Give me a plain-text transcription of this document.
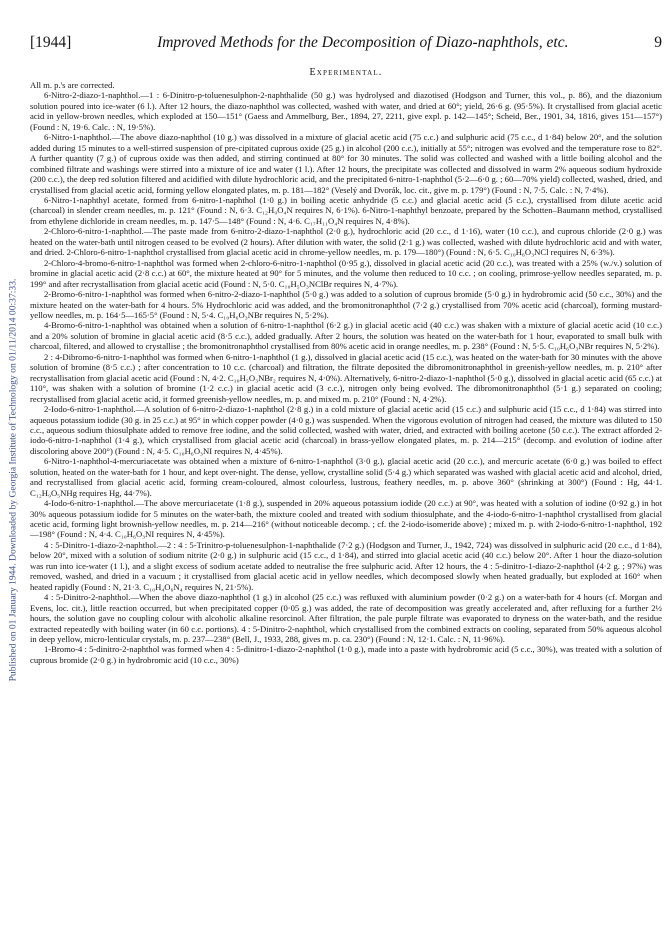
Published on 01 January 1944. Downloaded by Georgia Institute of Technology on 01/11/2014 00:37:33.
[1944]	Improved Methods for the Decomposition of Diazo-naphthols, etc.	9
Experimental.

All m. p.'s are corrected.

6-Nitro-2-diazo-1-naphthol.—1 : 6-Dinitro-p-toluenesulphon-2-naphthalide (50 g.) was hydrolysed and diazotised (Hodgson and Turner, this vol., p. 86), and the diazonium solution poured into ice-water (6 l.). After 12 hours, the diazo-naphthol was collected, washed with water, and dried at 60°; yield, 26·6 g. (95·5%). It crystallised from glacial acetic acid in yellow-brown needles, which exploded at 150—151° (Gaess and Ammelburg, Ber., 1894, 27, 2211, give expl. p. 142—145°; Scheid, Ber., 1901, 34, 1816, gives 151—157°) (Found : N, 19·6. Calc. : N, 19·5%).

6-Nitro-1-naphthol.—The above diazo-naphthol (10 g.) was dissolved in a mixture of glacial acetic acid (75 c.c.) and sulphuric acid (75 c.c., d 1·84) below 20°, and the solution added during 15 minutes to a well-stirred suspension of pre-cipitated cuprous oxide (25 g.) in alcohol (200 c.c.), initially at 55°; nitrogen was evolved and the temperature rose to 82°. A further quantity (7 g.) of cuprous oxide was then added, and stirring continued at 80° for 30 minutes. The solid was collected and washed with a little boiling alcohol and the combined filtrate and washings were stirred into a mixture of ice and water (1 l.). After 12 hours, the precipitate was collected and dissolved in warm 2% aqueous sodium hydroxide (200 c.c.), the deep red solution filtered and acidified with dilute hydrochloric acid, and the precipitated 6-nitro-1-naphthol (5·2—6·0 g. ; 60—70% yield) collected, washed, dried, and crystallised from glacial acetic acid, forming yellow elongated plates, m. p. 181—182° (Veselý and Dvorák, loc. cit., give m. p. 179°) (Found : N, 7·5. Calc. : N, 7·4%).

6-Nitro-1-naphthyl acetate, formed from 6-nitro-1-naphthol (1·0 g.) in boiling acetic anhydride (5 c.c.) and glacial acetic acid (5 c.c.), crystallised from dilute acetic acid (charcoal) in slender cream needles, m. p. 121° (Found : N, 6·3. C₁₂H₉O₄N requires N, 6·1%). 6-Nitro-1-naphthyl benzoate, prepared by the Schotten–Baumann method, crystallised from ethylene dichloride in cream needles, m. p. 147·5—148° (Found : N, 4·6. C₁₇H₁₁O₄N requires N, 4·8%).

2-Chloro-6-nitro-1-naphthol.—The paste made from 6-nitro-2-diazo-1-naphthol (2·0 g.), hydrochloric acid (20 c.c., d 1·16), water (10 c.c.), and cuprous chloride (2·0 g.) was heated on the water-bath until nitrogen ceased to be evolved (2 hours). After dilution with water, the solid (2·1 g.) was collected, washed with dilute hydrochloric acid and with water, and dried. 2-Chloro-6-nitro-1-naphthol crystallised from glacial acetic acid in chrome-yellow needles, m. p. 179—180°) (Found : N, 6·5. C₁₀H₆O₃NCl requires N, 6·3%).

2-Chloro-4-bromo-6-nitro-1-naphthol was formed when 2-chloro-6-nitro-1-naphthol (0·95 g.), dissolved in glacial acetic acid (20 c.c.), was treated with a 25% (w./v.) solution of bromine in glacial acetic acid (2·8 c.c.) at 60°, the mixture heated at 90° for 5 minutes, and the volume then reduced to 10 c.c. ; on cooling, primrose-yellow needles separated, m. p. 199° and after recrystallisation from glacial acetic acid (Found : N, 5·0. C₁₀H₅O₃NClBr requires N, 4·7%).

2-Bromo-6-nitro-1-naphthol was formed when 6-nitro-2-diazo-1-naphthol (5·0 g.) was added to a solution of cuprous bromide (5·0 g.) in hydrobromic acid (50 c.c., 30%) and the mixture heated on the water-bath for 4 hours. 5% Hydrochloric acid was added, and the bromonitronaphthol (7·2 g.) crystallised from 70% acetic acid (charcoal), forming mustard-yellow needles, m. p. 164·5—165·5° (Found : N, 5·4. C₁₀H₆O₃NBr requires N, 5·2%).

4-Bromo-6-nitro-1-naphthol was obtained when a solution of 6-nitro-1-naphthol (6·2 g.) in glacial acetic acid (40 c.c.) was shaken with a mixture of glacial acetic acid (10 c.c.) and a 20% solution of bromine in glacial acetic acid (8·5 c.c.), added gradually. After 2 hours, the solution was heated on the water-bath for 1 hour, evaporated to small bulk with charcoal, filtered, and allowed to crystallise ; the bromonitronaphthol crystallised from 80% acetic acid in orange needles, m. p. 238° (Found : N, 5·5. C₁₀H₆O₃NBr requires N, 5·2%).

2 : 4-Dibromo-6-nitro-1-naphthol was formed when 6-nitro-1-naphthol (1 g.), dissolved in glacial acetic acid (15 c.c.), was heated on the water-bath for 30 minutes with the above solution of bromine (8·5 c.c.) ; after concentration to 10 c.c. (charcoal) and filtration, the filtrate deposited the dibromonitronaphthol in greenish-yellow needles, m. p. 210° after recrystallisation from glacial acetic acid (Found : N, 4·2. C₁₀H₅O₃NBr₂ requires N, 4·0%). Alternatively, 6-nitro-2-diazo-1-naphthol (5·0 g.), dissolved in glacial acetic acid (65 c.c.) at 110°, was shaken with a solution of bromine (1·2 c.c.) in glacial acetic acid (3 c.c.), nitrogen only being evolved. The dibromonitronaphthol (5·1 g.) separated on cooling; recrystallised from glacial acetic acid, it formed greenish-yellow needles, m. p. and mixed m. p. 210° (Found : N, 4·2%).

2-Iodo-6-nitro-1-naphthol.—A solution of 6-nitro-2-diazo-1-naphthol (2·8 g.) in a cold mixture of glacial acetic acid (15 c.c.) and sulphuric acid (15 c.c., d 1·84) was stirred into aqueous potassium iodide (30 g. in 25 c.c.) at 95° in which copper powder (4·0 g.) was suspended. When the vigorous evolution of nitrogen had ceased, the mixture was diluted to 150 c.c., aqueous sodium thiosulphate added to remove free iodine, and the solid collected, washed with water, dried, and extracted with boiling acetone (50 c.c.). The extract afforded 2-iodo-6-nitro-1-naphthol (1·4 g.), which crystallised from glacial acetic acid (charcoal) in brass-yellow elongated plates, m. p. 214—215° (decomp. and evolution of iodine after discoloring above 200°) (Found : N, 4·5. C₁₀H₆O₃NI requires N, 4·45%).

6-Nitro-1-naphthol-4-mercuriacetate was obtained when a mixture of 6-nitro-1-naphthol (3·0 g.), glacial acetic acid (20 c.c.), and mercuric acetate (6·0 g.) was boiled to effect solution, heated on the water-bath for 1 hour, and kept over-night. The dense, yellow, crystalline solid (5·4 g.) which separated was washed with glacial acetic acid and alcohol, dried, and recrystallised from glacial acetic acid, forming cream-coloured, almost colourless, lustrous, feathery needles, m. p. above 360° (shrinking at 300°) (Found : Hg, 44·1. C₁₂H₉O₅NHg requires Hg, 44·7%).

4-Iodo-6-nitro-1-naphthol.—The above mercuriacetate (1·8 g.), suspended in 20% aqueous potassium iodide (20 c.c.) at 90°, was heated with a solution of iodine (0·92 g.) in hot 30% aqueous potassium iodide for 5 minutes on the water-bath, the mixture cooled and treated with sodium thiosulphate, and the 4-iodo-6-nitro-1-naphthol crystallised from glacial acetic acid, forming light brownish-yellow needles, m. p. 214—216° (without noticeable decomp. ; cf. the 2-iodo-isomeride above) ; mixed m. p. with 2-iodo-6-nitro-1-naphthol, 192—198° (Found : N, 4·4. C₁₀H₆O₃NI requires N, 4·45%).

4 : 5-Dinitro-1-diazo-2-naphthol.—2 : 4 : 5-Trinitro-p-toluenesulphon-1-naphthalide (7·2 g.) (Hodgson and Turner, J., 1942, 724) was dissolved in sulphuric acid (20 c.c., d 1·84), below 20°, mixed with a solution of sodium nitrite (2·0 g.) in sulphuric acid (15 c.c., d 1·84), and stirred into glacial acetic acid (40 c.c.) below 20°. After 1 hour the diazo-solution was run into ice-water (1 l.), and a slight excess of sodium acetate added to neutralise the free sulphuric acid. After 12 hours, the 4 : 5-dinitro-1-diazo-2-naphthol (4·2 g. ; 97%) was removed, washed, and dried in a vacuum ; it crystallised from glacial acetic acid in yellow needles, which decomposed slowly when heated gradually, but exploded at 160° when heated rapidly (Found : N, 21·3. C₁₀H₄O₆N₄ requires N, 21·5%).

4 : 5-Dinitro-2-naphthol.—When the above diazo-naphthol (1 g.) in alcohol (25 c.c.) was refluxed with aluminium powder (0·2 g.) on a water-bath for 4 hours (cf. Morgan and Evens, loc. cit.), little reaction occurred, but when precipitated copper (0·05 g.) was added, the rate of decomposition was greatly accelerated and, after refluxing for a further 2½ hours, the solution gave no coupling colour with alcoholic alkaline resorcinol. After filtration, the pale purple filtrate was evaporated to dryness on the water-bath, and the residue extracted repeatedly with boiling water (in 60 c.c. portions). 4 : 5-Dinitro-2-naphthol, which crystallised from the combined extracts on cooling, separated from 50% aqueous alcohol in deep yellow, micro-lenticular crystals, m. p. 237—238° (Bell, J., 1933, 288, gives m. p. ca. 230°) (Found : N, 12·1. Calc. : N, 11·96%).

1-Bromo-4 : 5-dinitro-2-naphthol was formed when 4 : 5-dinitro-1-diazo-2-naphthol (1·0 g.), made into a paste with hydrobromic acid (5 c.c., 30%), was treated with a solution of cuprous bromide (2·0 g.) in hydrobromic acid (10 c.c., 30%)
